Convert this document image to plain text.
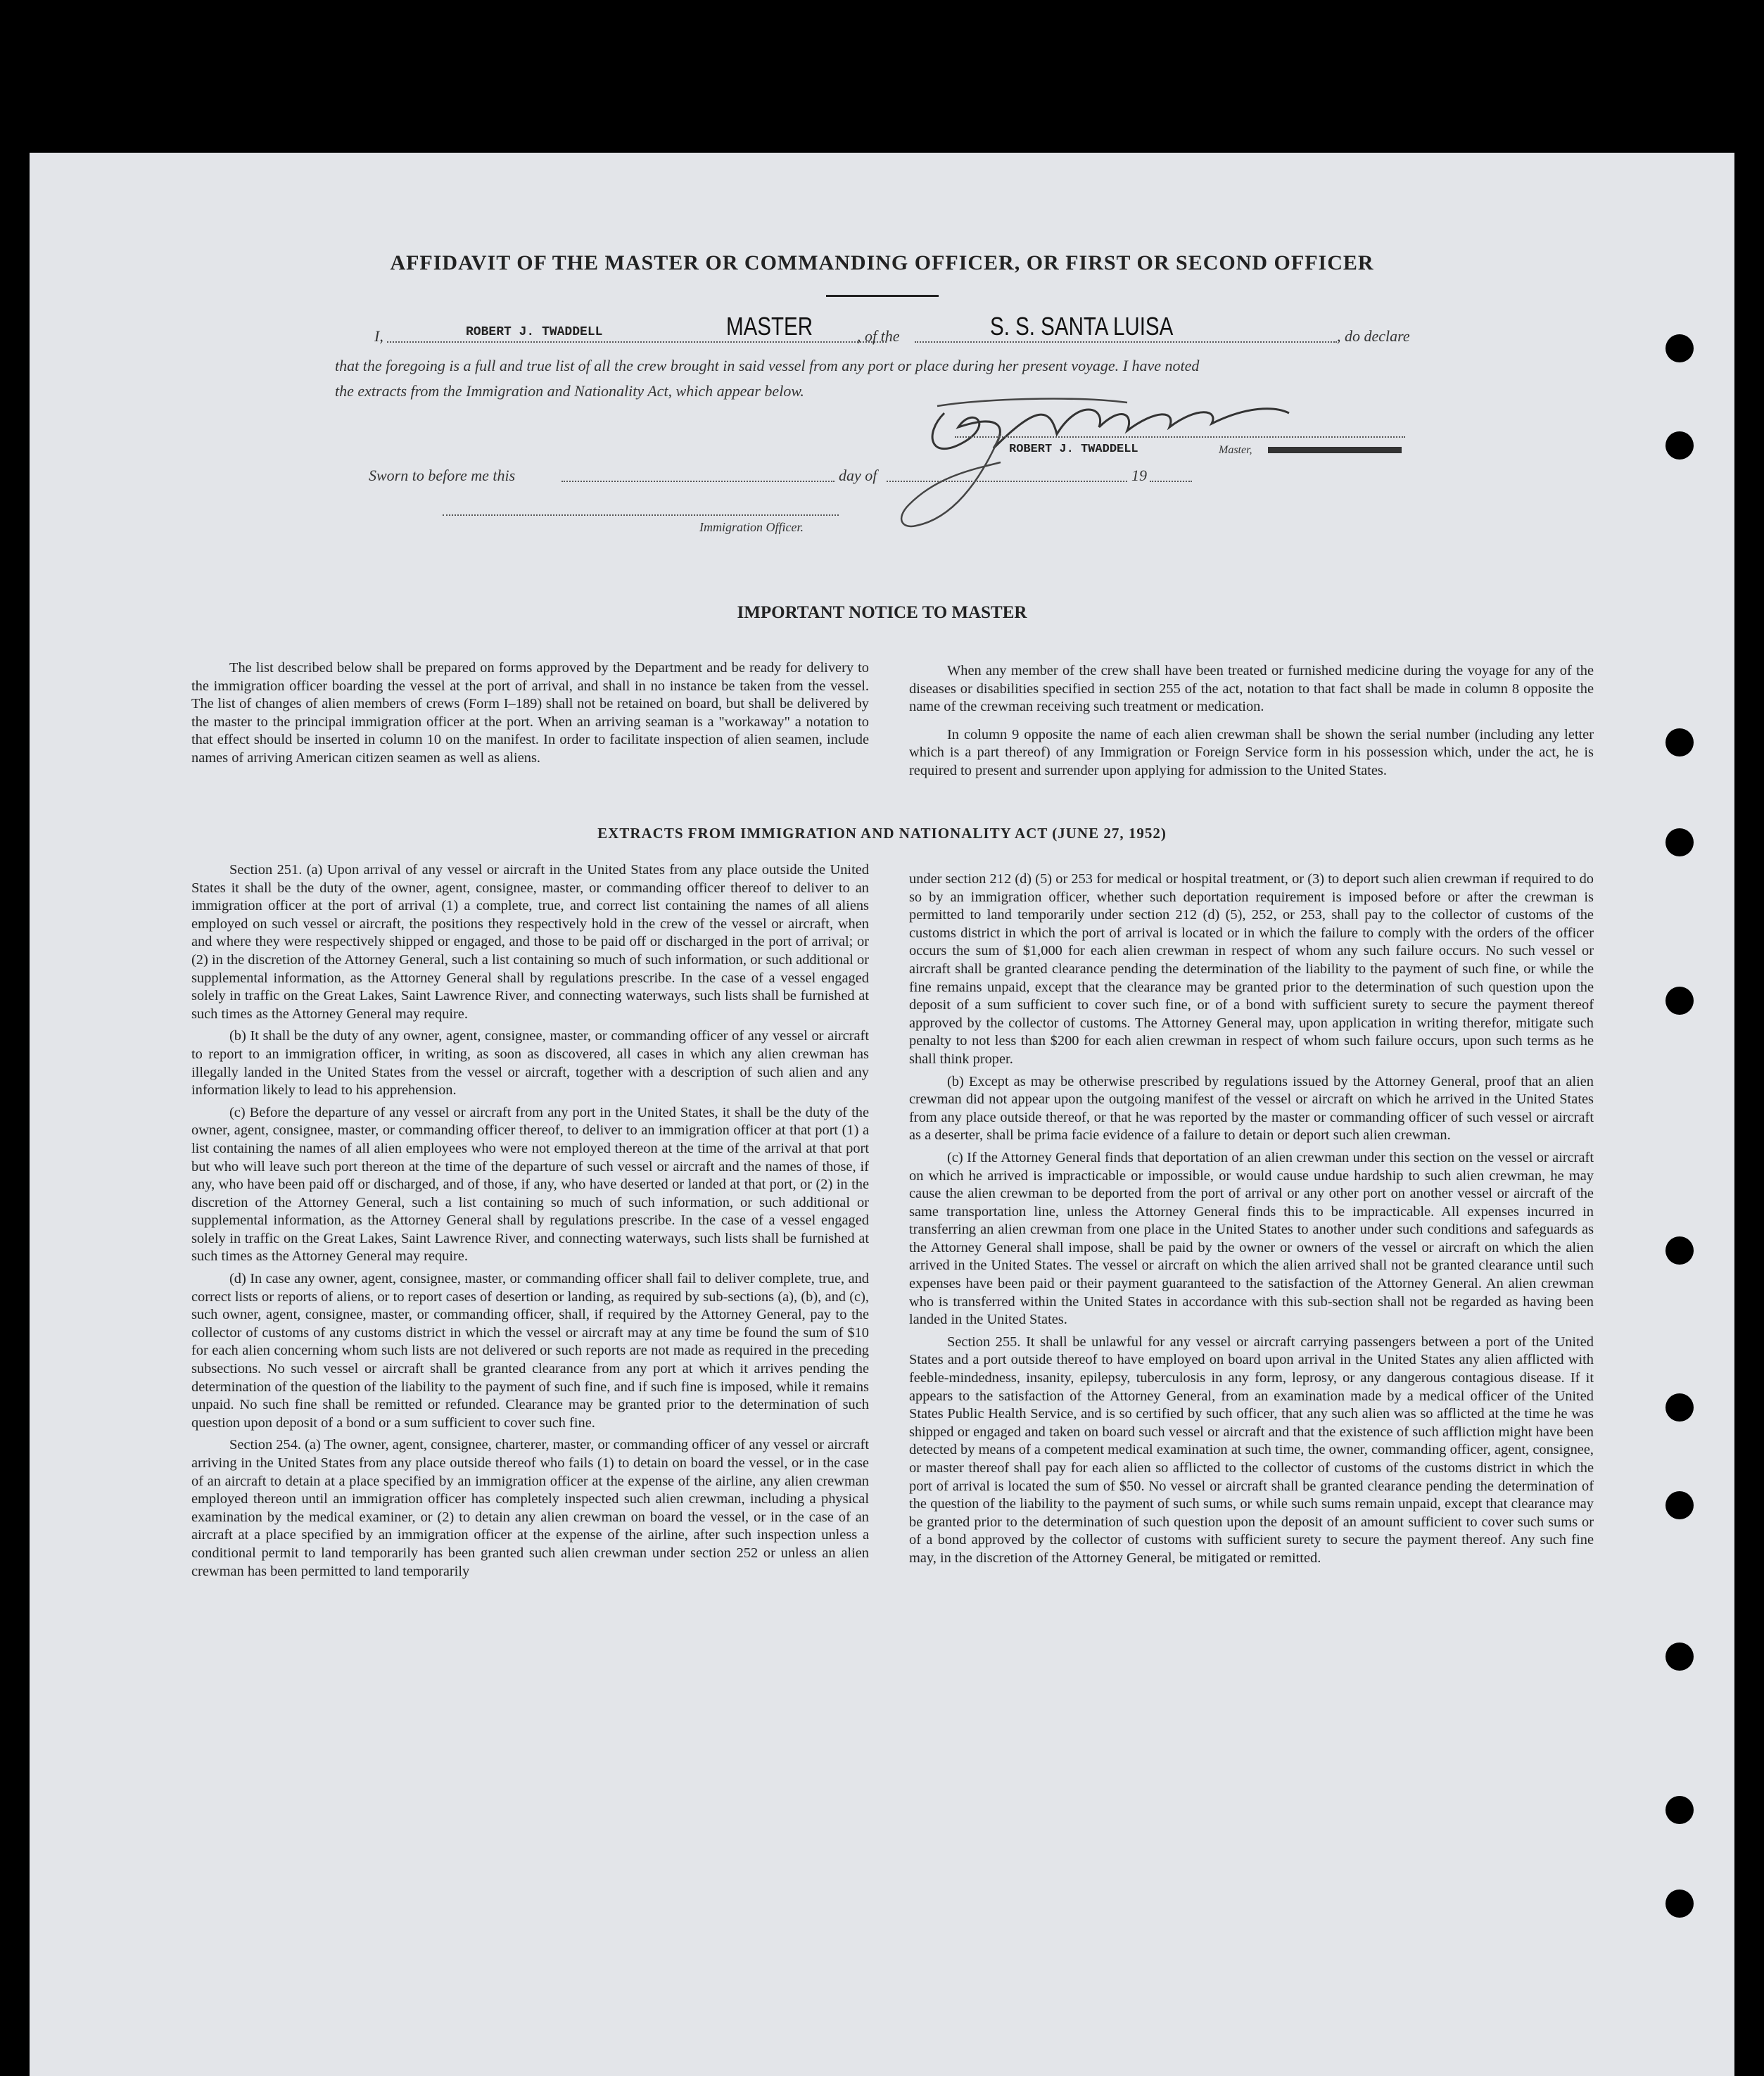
AFFIDAVIT OF THE MASTER OR COMMANDING OFFICER, OR FIRST OR SECOND OFFICER
I,	ROBERT J. TWADDELL	MASTER	, of the	S. S. SANTA LUISA	, do declare
that the foregoing is a full and true list of all the crew brought in said vessel from any port or place during her present voyage. I have noted
the extracts from the Immigration and Nationality Act, which appear below.
ROBERT J. TWADDELL	Master,
Sworn to before me this	day of	19
Immigration Officer.
IMPORTANT NOTICE TO MASTER

The list described below shall be prepared on forms approved by the Department and be ready for delivery to the immigration officer boarding the vessel at the port of arrival, and shall in no instance be taken from the vessel. The list of changes of alien members of crews (Form I–189) shall not be retained on board, but shall be delivered by the master to the principal immigration officer at the port. When an arriving seaman is a "workaway" a notation to that effect should be inserted in column 10 on the manifest. In order to facilitate inspection of alien seamen, include names of arriving American citizen seamen as well as aliens.

When any member of the crew shall have been treated or furnished medicine during the voyage for any of the diseases or disabilities specified in section 255 of the act, notation to that fact shall be made in column 8 opposite the name of the crewman receiving such treatment or medication.

In column 9 opposite the name of each alien crewman shall be shown the serial number (including any letter which is a part thereof) of any Immigration or Foreign Service form in his possession which, under the act, he is required to present and surrender upon applying for admission to the United States.

EXTRACTS FROM IMMIGRATION AND NATIONALITY ACT (JUNE 27, 1952)

Section 251. (a) Upon arrival of any vessel or aircraft in the United States from any place outside the United States it shall be the duty of the owner, agent, consignee, master, or commanding officer thereof to deliver to an immigration officer at the port of arrival (1) a complete, true, and correct list containing the names of all aliens employed on such vessel or aircraft, the positions they respectively hold in the crew of the vessel or aircraft, when and where they were respectively shipped or engaged, and those to be paid off or discharged in the port of arrival; or (2) in the discretion of the Attorney General, such a list containing so much of such information, or such additional or supplemental information, as the Attorney General shall by regulations prescribe. In the case of a vessel engaged solely in traffic on the Great Lakes, Saint Lawrence River, and connecting waterways, such lists shall be furnished at such times as the Attorney General may require.

(b) It shall be the duty of any owner, agent, consignee, master, or commanding officer of any vessel or aircraft to report to an immigration officer, in writing, as soon as discovered, all cases in which any alien crewman has illegally landed in the United States from the vessel or aircraft, together with a description of such alien and any information likely to lead to his apprehension.

(c) Before the departure of any vessel or aircraft from any port in the United States, it shall be the duty of the owner, agent, consignee, master, or commanding officer thereof, to deliver to an immigration officer at that port (1) a list containing the names of all alien employees who were not employed thereon at the time of the arrival at that port but who will leave such port thereon at the time of the departure of such vessel or aircraft and the names of those, if any, who have been paid off or discharged, and of those, if any, who have deserted or landed at that port, or (2) in the discretion of the Attorney General, such a list containing so much of such information, or such additional or supplemental information, as the Attorney General shall by regulations prescribe. In the case of a vessel engaged solely in traffic on the Great Lakes, Saint Lawrence River, and connecting waterways, such lists shall be furnished at such times as the Attorney General may require.

(d) In case any owner, agent, consignee, master, or commanding officer shall fail to deliver complete, true, and correct lists or reports of aliens, or to report cases of desertion or landing, as required by sub-sections (a), (b), and (c), such owner, agent, consignee, master, or commanding officer, shall, if required by the Attorney General, pay to the collector of customs of any customs district in which the vessel or aircraft may at any time be found the sum of $10 for each alien concerning whom such lists are not delivered or such reports are not made as required in the preceding subsections. No such vessel or aircraft shall be granted clearance from any port at which it arrives pending the determination of the question of the liability to the payment of such fine, and if such fine is imposed, while it remains unpaid. No such fine shall be remitted or refunded. Clearance may be granted prior to the determination of such question upon deposit of a bond or a sum sufficient to cover such fine.

Section 254. (a) The owner, agent, consignee, charterer, master, or commanding officer of any vessel or aircraft arriving in the United States from any place outside thereof who fails (1) to detain on board the vessel, or in the case of an aircraft to detain at a place specified by an immigration officer at the expense of the airline, any alien crewman employed thereon until an immigration officer has completely inspected such alien crewman, including a physical examination by the medical examiner, or (2) to detain any alien crewman on board the vessel, or in the case of an aircraft at a place specified by an immigration officer at the expense of the airline, after such inspection unless a conditional permit to land temporarily has been granted such alien crewman under section 252 or unless an alien crewman has been permitted to land temporarily

under section 212 (d) (5) or 253 for medical or hospital treatment, or (3) to deport such alien crewman if required to do so by an immigration officer, whether such deportation requirement is imposed before or after the crewman is permitted to land temporarily under section 212 (d) (5), 252, or 253, shall pay to the collector of customs of the customs district in which the port of arrival is located or in which the failure to comply with the orders of the officer occurs the sum of $1,000 for each alien crewman in respect of whom any such failure occurs. No such vessel or aircraft shall be granted clearance pending the determination of the liability to the payment of such fine, or while the fine remains unpaid, except that the clearance may be granted prior to the determination of such question upon the deposit of a sum sufficient to cover such fine, or of a bond with sufficient surety to secure the payment thereof approved by the collector of customs. The Attorney General may, upon application in writing therefor, mitigate such penalty to not less than $200 for each alien crewman in respect of whom such failure occurs, upon such terms as he shall think proper.

(b) Except as may be otherwise prescribed by regulations issued by the Attorney General, proof that an alien crewman did not appear upon the outgoing manifest of the vessel or aircraft on which he arrived in the United States from any place outside thereof, or that he was reported by the master or commanding officer of such vessel or aircraft as a deserter, shall be prima facie evidence of a failure to detain or deport such alien crewman.

(c) If the Attorney General finds that deportation of an alien crewman under this section on the vessel or aircraft on which he arrived is impracticable or impossible, or would cause undue hardship to such alien crewman, he may cause the alien crewman to be deported from the port of arrival or any other port on another vessel or aircraft of the same transportation line, unless the Attorney General finds this to be impracticable. All expenses incurred in transferring an alien crewman from one place in the United States to another under such conditions and safeguards as the Attorney General shall impose, shall be paid by the owner or owners of the vessel or aircraft on which the alien arrived in the United States. The vessel or aircraft on which the alien arrived shall not be granted clearance until such expenses have been paid or their payment guaranteed to the satisfaction of the Attorney General. An alien crewman who is transferred within the United States in accordance with this sub-section shall not be regarded as having been landed in the United States.

Section 255. It shall be unlawful for any vessel or aircraft carrying passengers between a port of the United States and a port outside thereof to have employed on board upon arrival in the United States any alien afflicted with feeble-mindedness, insanity, epilepsy, tuberculosis in any form, leprosy, or any dangerous contagious disease. If it appears to the satisfaction of the Attorney General, from an examination made by a medical officer of the United States Public Health Service, and is so certified by such officer, that any such alien was so afflicted at the time he was shipped or engaged and taken on board such vessel or aircraft and that the existence of such affliction might have been detected by means of a competent medical examination at such time, the owner, commanding officer, agent, consignee, or master thereof shall pay for each alien so afflicted to the collector of customs of the customs district in which the port of arrival is located the sum of $50. No vessel or aircraft shall be granted clearance pending the determination of the question of the liability to the payment of such sums, or while such sums remain unpaid, except that clearance may be granted prior to the determination of such question upon the deposit of an amount sufficient to cover such sums or of a bond approved by the collector of customs with sufficient surety to secure the payment thereof. Any such fine may, in the discretion of the Attorney General, be mitigated or remitted.
